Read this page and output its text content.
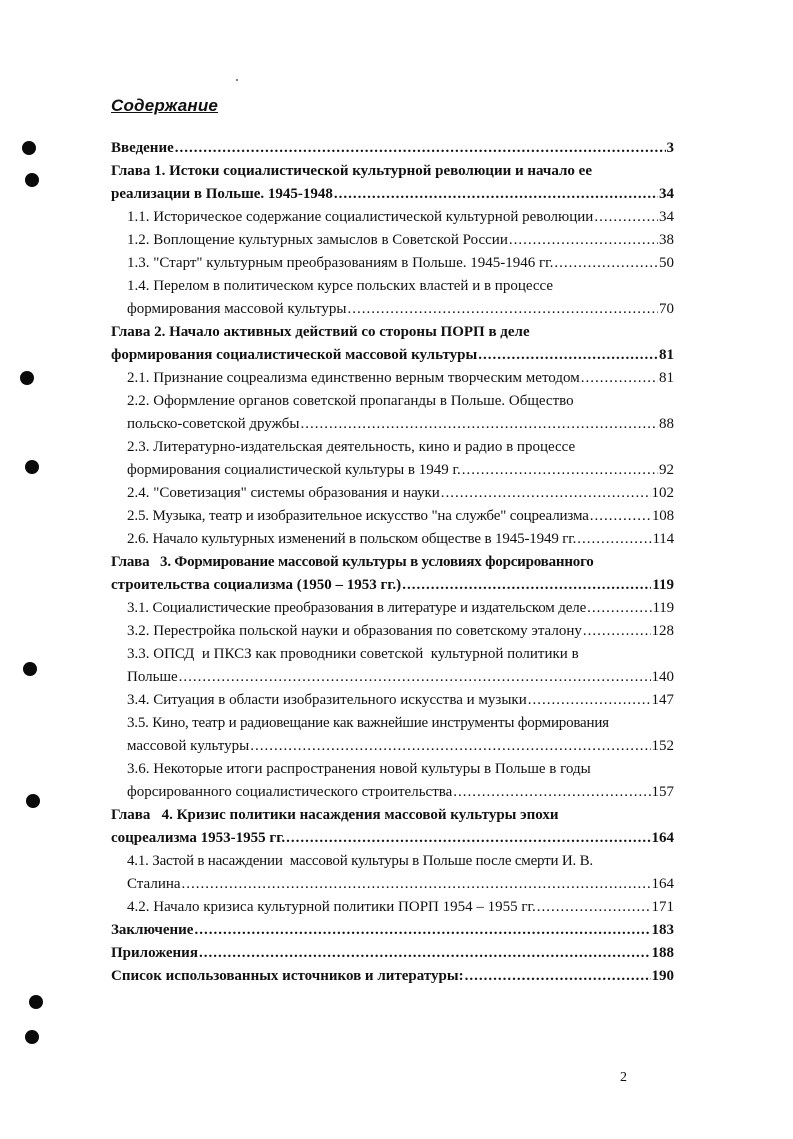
Содержание
Введение .....	3
Глава 1. Истоки социалистической культурной революции и начало ее
реализации в Польше. 1945-1948 .....	34
1.1. Историческое содержание социалистической культурной революции .....	34
1.2. Воплощение культурных замыслов в Советской России .....	38
1.3. "Старт" культурным преобразованиям в Польше. 1945-1946 гг. .....	50
1.4. Перелом в политическом курсе польских властей и в процессе
формирования массовой культуры .....	70
Глава 2. Начало активных действий со стороны ПОРП в деле
формирования социалистической массовой культуры .....	81
2.1. Признание соцреализма единственно верным творческим методом .....	81
2.2. Оформление органов советской пропаганды в Польше. Общество
польско-советской дружбы .....	88
2.3. Литературно-издательская деятельность, кино и радио в процессе
формирования социалистической культуры в 1949 г. .....	92
2.4. "Советизация" системы образования и науки .....	102
2.5. Музыка, театр и изобразительное искусство "на службе" соцреализма .....	108
2.6. Начало культурных изменений в польском обществе в 1945-1949 гг. .....	114
Глава   3. Формирование массовой культуры в условиях форсированного
строительства социализма (1950 – 1953 гг.) .....	119
3.1. Социалистические преобразования в литературе и издательском деле .....	119
3.2. Перестройка польской науки и образования по советскому эталону .....	128
3.3. ОПСД  и ПКСЗ как проводники советской  культурной политики в
Польше .....	140
3.4. Ситуация в области изобразительного искусства и музыки .....	147
3.5. Кино, театр и радиовещание как важнейшие инструменты формирования
массовой культуры .....	152
3.6. Некоторые итоги распространения новой культуры в Польше в годы
форсированного социалистического строительства .....	157
Глава   4. Кризис политики насаждения массовой культуры эпохи
соцреализма 1953-1955 гг. .....	164
4.1. Застой в насаждении  массовой культуры в Польше после смерти И. В.
Сталина .....	164
4.2. Начало кризиса культурной политики ПОРП 1954 – 1955 гг. .....	171
Заключение .....	183
Приложения .....	188
Список использованных источников и литературы: .....	190
2
